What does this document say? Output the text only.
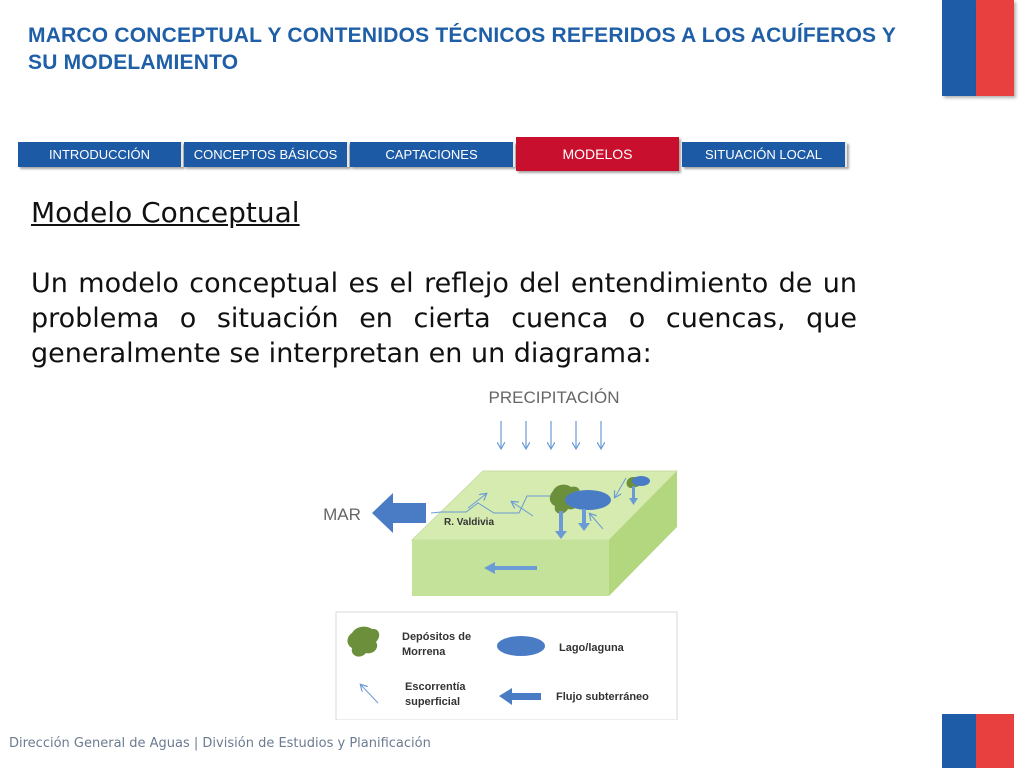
MARCO CONCEPTUAL Y CONTENIDOS TÉCNICOS REFERIDOS A LOS ACUÍFEROS Y SU MODELAMIENTO
INTRODUCCIÓN	CONCEPTOS BÁSICOS	CAPTACIONES	MODELOS	SITUACIÓN LOCAL
Modelo Conceptual
Un modelo conceptual es el reflejo del entendimiento de un problema o situación en cierta cuenca o cuencas, que generalmente se interpretan en un diagrama:
PRECIPITACIÓN
MAR	R. Valdivia
Depósitos de Morrena	Lago/laguna
Escorrentía superficial	Flujo subterráneo
Dirección General de Aguas | División de Estudios y Planificación
